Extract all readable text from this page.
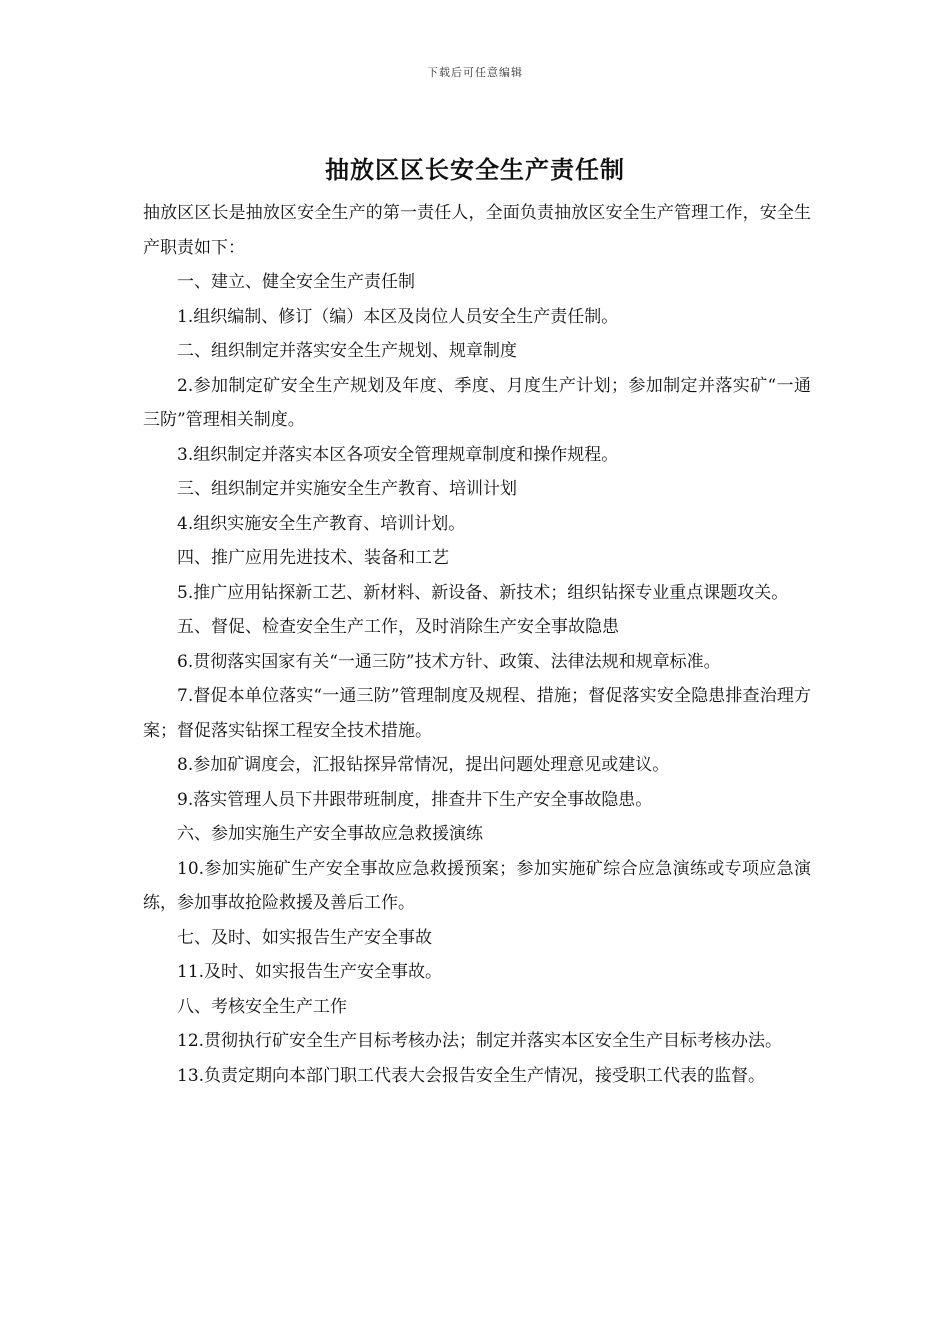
下载后可任意编辑
抽放区区长安全生产责任制

抽放区区长是抽放区安全生产的第一责任人，全面负责抽放区安全生产管理工作，安全生产职责如下：

一、建立、健全安全生产责任制

1.组织编制、修订（编）本区及岗位人员安全生产责任制。

二、组织制定并落实安全生产规划、规章制度

2.参加制定矿安全生产规划及年度、季度、月度生产计划；参加制定并落实矿“一通三防”管理相关制度。

3.组织制定并落实本区各项安全管理规章制度和操作规程。

三、组织制定并实施安全生产教育、培训计划

4.组织实施安全生产教育、培训计划。

四、推广应用先进技术、装备和工艺

5.推广应用钻探新工艺、新材料、新设备、新技术；组织钻探专业重点课题攻关。

五、督促、检查安全生产工作，及时消除生产安全事故隐患

6.贯彻落实国家有关“一通三防”技术方针、政策、法律法规和规章标准。

7.督促本单位落实“一通三防”管理制度及规程、措施；督促落实安全隐患排查治理方案；督促落实钻探工程安全技术措施。

8.参加矿调度会，汇报钻探异常情况，提出问题处理意见或建议。

9.落实管理人员下井跟带班制度，排查井下生产安全事故隐患。

六、参加实施生产安全事故应急救援演练

10.参加实施矿生产安全事故应急救援预案；参加实施矿综合应急演练或专项应急演练，参加事故抢险救援及善后工作。

七、及时、如实报告生产安全事故

11.及时、如实报告生产安全事故。

八、考核安全生产工作

12.贯彻执行矿安全生产目标考核办法；制定并落实本区安全生产目标考核办法。

13.负责定期向本部门职工代表大会报告安全生产情况，接受职工代表的监督。
